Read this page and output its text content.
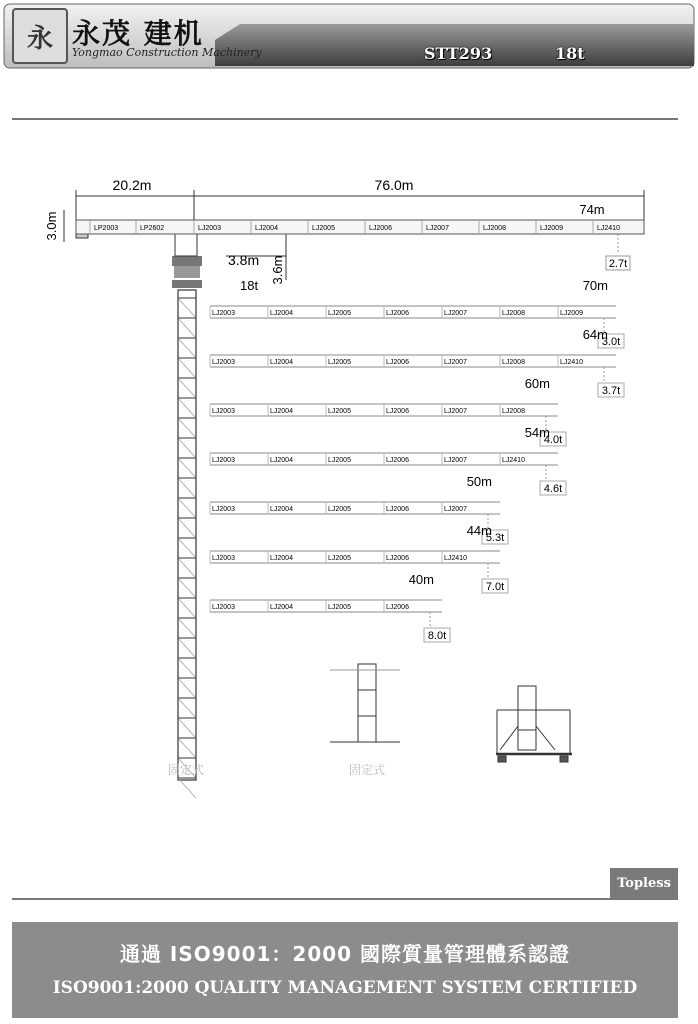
永 永茂 建机
Yongmao Construction Machinery	STT293	18t
20.2m	76.0m
3.0m
3.8m 3.6m
18t
LP2003	LP2602	LJ2003	LJ2004	LJ2005	LJ2006	LJ2007	LJ2008	LJ2009	LJ2410
74m
2.7t
LJ2003	LJ2004	LJ2005	LJ2006	LJ2007	LJ2008	LJ2009
70m
3.0t
LJ2003	LJ2004	LJ2005	LJ2006	LJ2007	LJ2008	LJ2410
64m
3.7t
LJ2003	LJ2004	LJ2005	LJ2006	LJ2007	LJ2008
60m
4.0t
LJ2003	LJ2004	LJ2005	LJ2006	LJ2007	LJ2410
54m
4.6t
LJ2003	LJ2004	LJ2005	LJ2006	LJ2007
50m
5.3t
LJ2003	LJ2004	LJ2005	LJ2006	LJ2410
44m
7.0t
LJ2003	LJ2004	LJ2005	LJ2006
40m
8.0t
固定式
固定式
Topless
通過 ISO9001：2000 國際質量管理體系認證
ISO9001:2000 QUALITY MANAGEMENT SYSTEM CERTIFIED
